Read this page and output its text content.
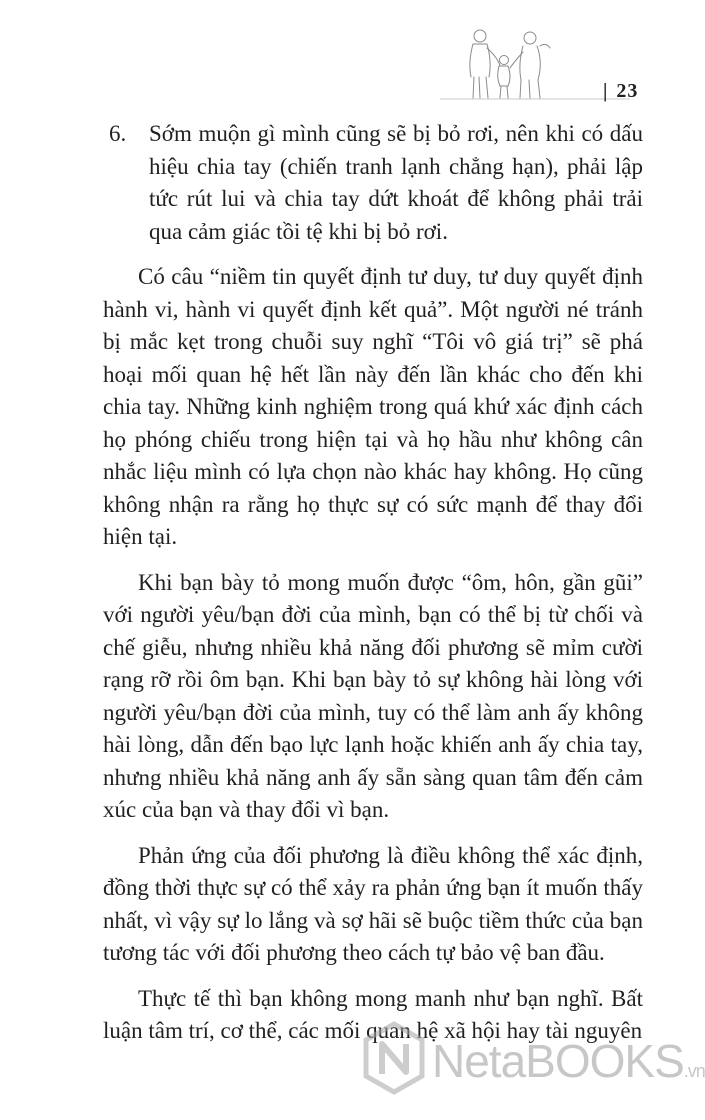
| 23
6. Sớm muộn gì mình cũng sẽ bị bỏ rơi, nên khi có dấu hiệu chia tay (chiến tranh lạnh chẳng hạn), phải lập tức rút lui và chia tay dứt khoát để không phải trải qua cảm giác tồi tệ khi bị bỏ rơi.

Có câu “niềm tin quyết định tư duy, tư duy quyết định hành vi, hành vi quyết định kết quả”. Một người né tránh bị mắc kẹt trong chuỗi suy nghĩ “Tôi vô giá trị” sẽ phá hoại mối quan hệ hết lần này đến lần khác cho đến khi chia tay. Những kinh nghiệm trong quá khứ xác định cách họ phóng chiếu trong hiện tại và họ hầu như không cân nhắc liệu mình có lựa chọn nào khác hay không. Họ cũng không nhận ra rằng họ thực sự có sức mạnh để thay đổi hiện tại.

Khi bạn bày tỏ mong muốn được “ôm, hôn, gần gũi” với người yêu/bạn đời của mình, bạn có thể bị từ chối và chế giễu, nhưng nhiều khả năng đối phương sẽ mỉm cười rạng rỡ rồi ôm bạn. Khi bạn bày tỏ sự không hài lòng với người yêu/bạn đời của mình, tuy có thể làm anh ấy không hài lòng, dẫn đến bạo lực lạnh hoặc khiến anh ấy chia tay, nhưng nhiều khả năng anh ấy sẵn sàng quan tâm đến cảm xúc của bạn và thay đổi vì bạn.

Phản ứng của đối phương là điều không thể xác định, đồng thời thực sự có thể xảy ra phản ứng bạn ít muốn thấy nhất, vì vậy sự lo lắng và sợ hãi sẽ buộc tiềm thức của bạn tương tác với đối phương theo cách tự bảo vệ ban đầu.

Thực tế thì bạn không mong manh như bạn nghĩ. Bất luận tâm trí, cơ thể, các mối quan hệ xã hội hay tài nguyên

NetaBOOKS.vn
